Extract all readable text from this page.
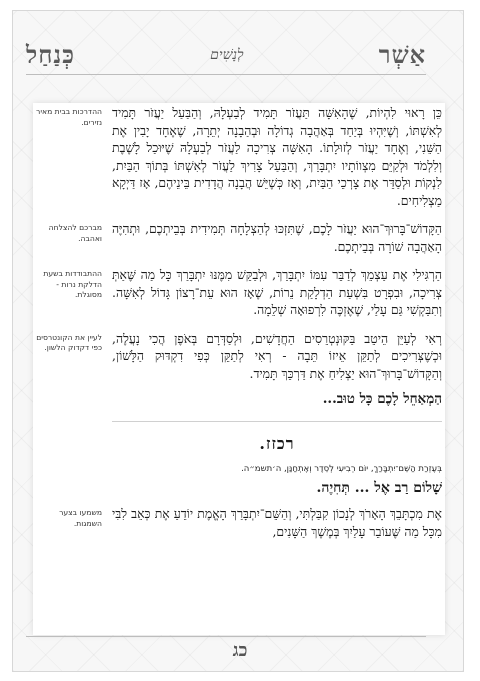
אַשְׁר
לְנָשִׁים
כְּנַחַל
כֵּן רָאוּי לִהְיוֹת, שֶׁהָאִשָּׁה תַּעֲזֹר תָּמִיד לְבַעְלָהּ, וְהַבַּעַל יַעֲזֹר תָּמִיד לְאִשְׁתּוֹ, וְשֶׁיִּהְיוּ בְּיַחַד בְּאַהֲבָה גְדוֹלָה וּבְהַבָנָה יְתֵרָה, שֶׁאֶחָד יָבִין אֶת הַשֵּׁנִי, וְאֶחָד יַעֲזֹר לְזוּלָתוֹ. הָאִשָּׁה צְרִיכָה לַעֲזֹר לְבַעְלָהּ שֶׁיּוּכַל לָשֶׁבֶת וְלִלְמֹד וּלְקַיֵּם מִצְווֹתָיו יִתְבָּרַךְ, וְהַבַּעַל צָרִיךְ לַעֲזֹר לְאִשְׁתּוֹ בְּתוֹךְ הַבַּיִת, לִנְקוֹת וּלְסַדֵּר אֶת צָרְכֵי הַבַּיִת, וְאָז כְּשֶׁיֵּשׁ הֲבָנָה הֲדָדִית בֵּינֵיהֶם, אָז דַּיְקָא מַצְלִיחִים.
ההדרכות בבית מאיר נזירים.
הַקָּדוֹשׁ־בָּרוּךְ־הוּא יַעֲזֹר לָכֶם, שֶׁתִּזְכּוּ לְהַצְלָחָה תְּמִידִית בְּבֵיתְכֶם, וּתְהִיֶּה הָאַהֲבָה שׁוֹרָה בְּבֵיתְכֶם.
מברכם להצלחה ואהבה.
הַרְגִּילִי אֶת עַצְמֵךְ לְדַבֵּר עִמּוֹ יִתְבָּרַךְ, וּלְבַקֵּשׁ מִמֶּנּוּ יִתְבָּרַךְ כָּל מַה שֶּׁאַתְּ צְרִיכָה, וּבִפְרָט בִּשְׁעַת הַדְלָקַת נֵרוֹת, שֶׁאָז הוּא עֵת־רָצוֹן גָּדוֹל לְאִשָּׁה. וְתִבַּקְשִׁי גַּם עָלַי, שֶׁאֶזְכֶּה לִרְפוּאָה שְׁלֵמָה.
ההתבודדות בשעת הדלקת נרות - מסוגלת.
רְאִי לְעַיֵּן הֵיטֵב בַּקּוּנְטְרֵסִים הַחֲדָשִׁים, וּלְסַדְּרָם בְּאֹפֶן הֲכִי נָעֲלֶה, וּכְשֶׁצְּרִיכִים לְתַקֵּן אֵיזוֹ תֵּבָה - רְאִי לְתַקֵּן כְּפִי דִקְדּוּק הַלָּשׁוֹן, וְהַקָּדוֹשׁ־בָּרוּךְ־הוּא יַצְלִיחַ אֶת דַּרְכֵּךְ תָּמִיד.
לעיין את הקונטרסים כפי דקדוק הלשון.
הַמְאַחֵל לָכֶם כָּל טוּב...
רכזז.
בְּעֶזְרַת הַשֵּׁם־יִתְבָּרַךְ, יוֹם רְבִיעִי לְסֵדֶר וְאֶתְחַנַּן, ה׳תשמ״ה.
שָׁלוֹם רַב אֶל ... תְּחִיֶה.
אֶת מִכְתָּבֵךְ הָאָרֹךְ לְנָכוֹן קִבַּלְתִּי, וְהַשֵּׁם־יִתְבָּרַךְ הָאֱמֶת יוֹדֵעַ אֶת כְּאֵב לִבִּי מִכָּל מַה שֶּׁעוֹבֵר עָלַיִךְ בְּמֶשֶׁךְ הַשָּׁנִים,
משמעו בצער השמגות.
כג
